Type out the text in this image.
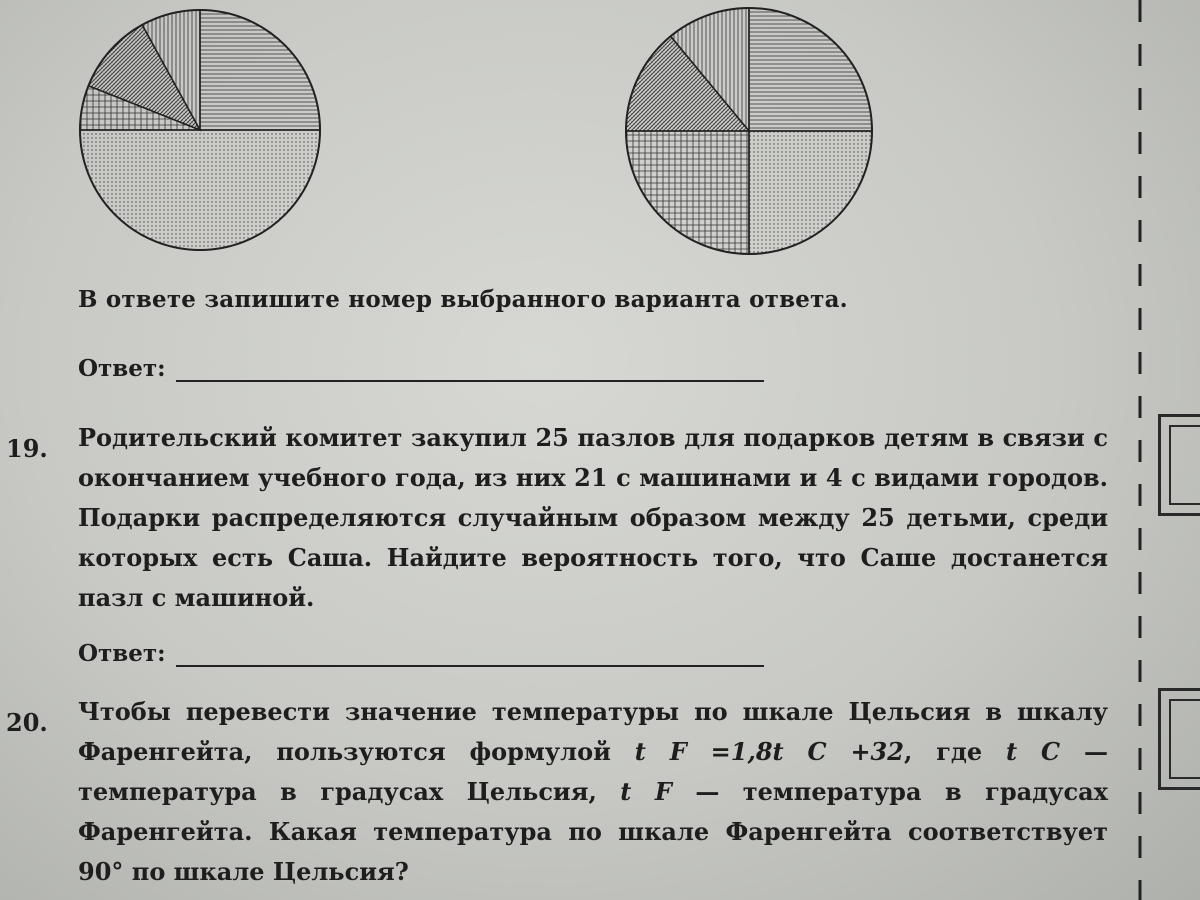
В ответе запишите номер выбранного варианта ответа.
Ответ:
19. Родительский комитет закупил 25 пазлов для подарков детям в связи с окончанием учебного года, из них 21 с машинами и 4 с видами городов. Подарки распределяются случайным образом между 25 детьми, среди которых есть Саша. Найдите вероятность того, что Саше достанется пазл с машиной.

Ответ:
20. Чтобы перевести значение температуры по шкале Цельсия в шкалу Фаренгейта, пользуются формулой t F =1,8t C +32, где t C — температура в градусах Цельсия, t F — температура в градусах Фаренгейта. Какая температура по шкале Фаренгейта соответствует 90° по шкале Цельсия?
